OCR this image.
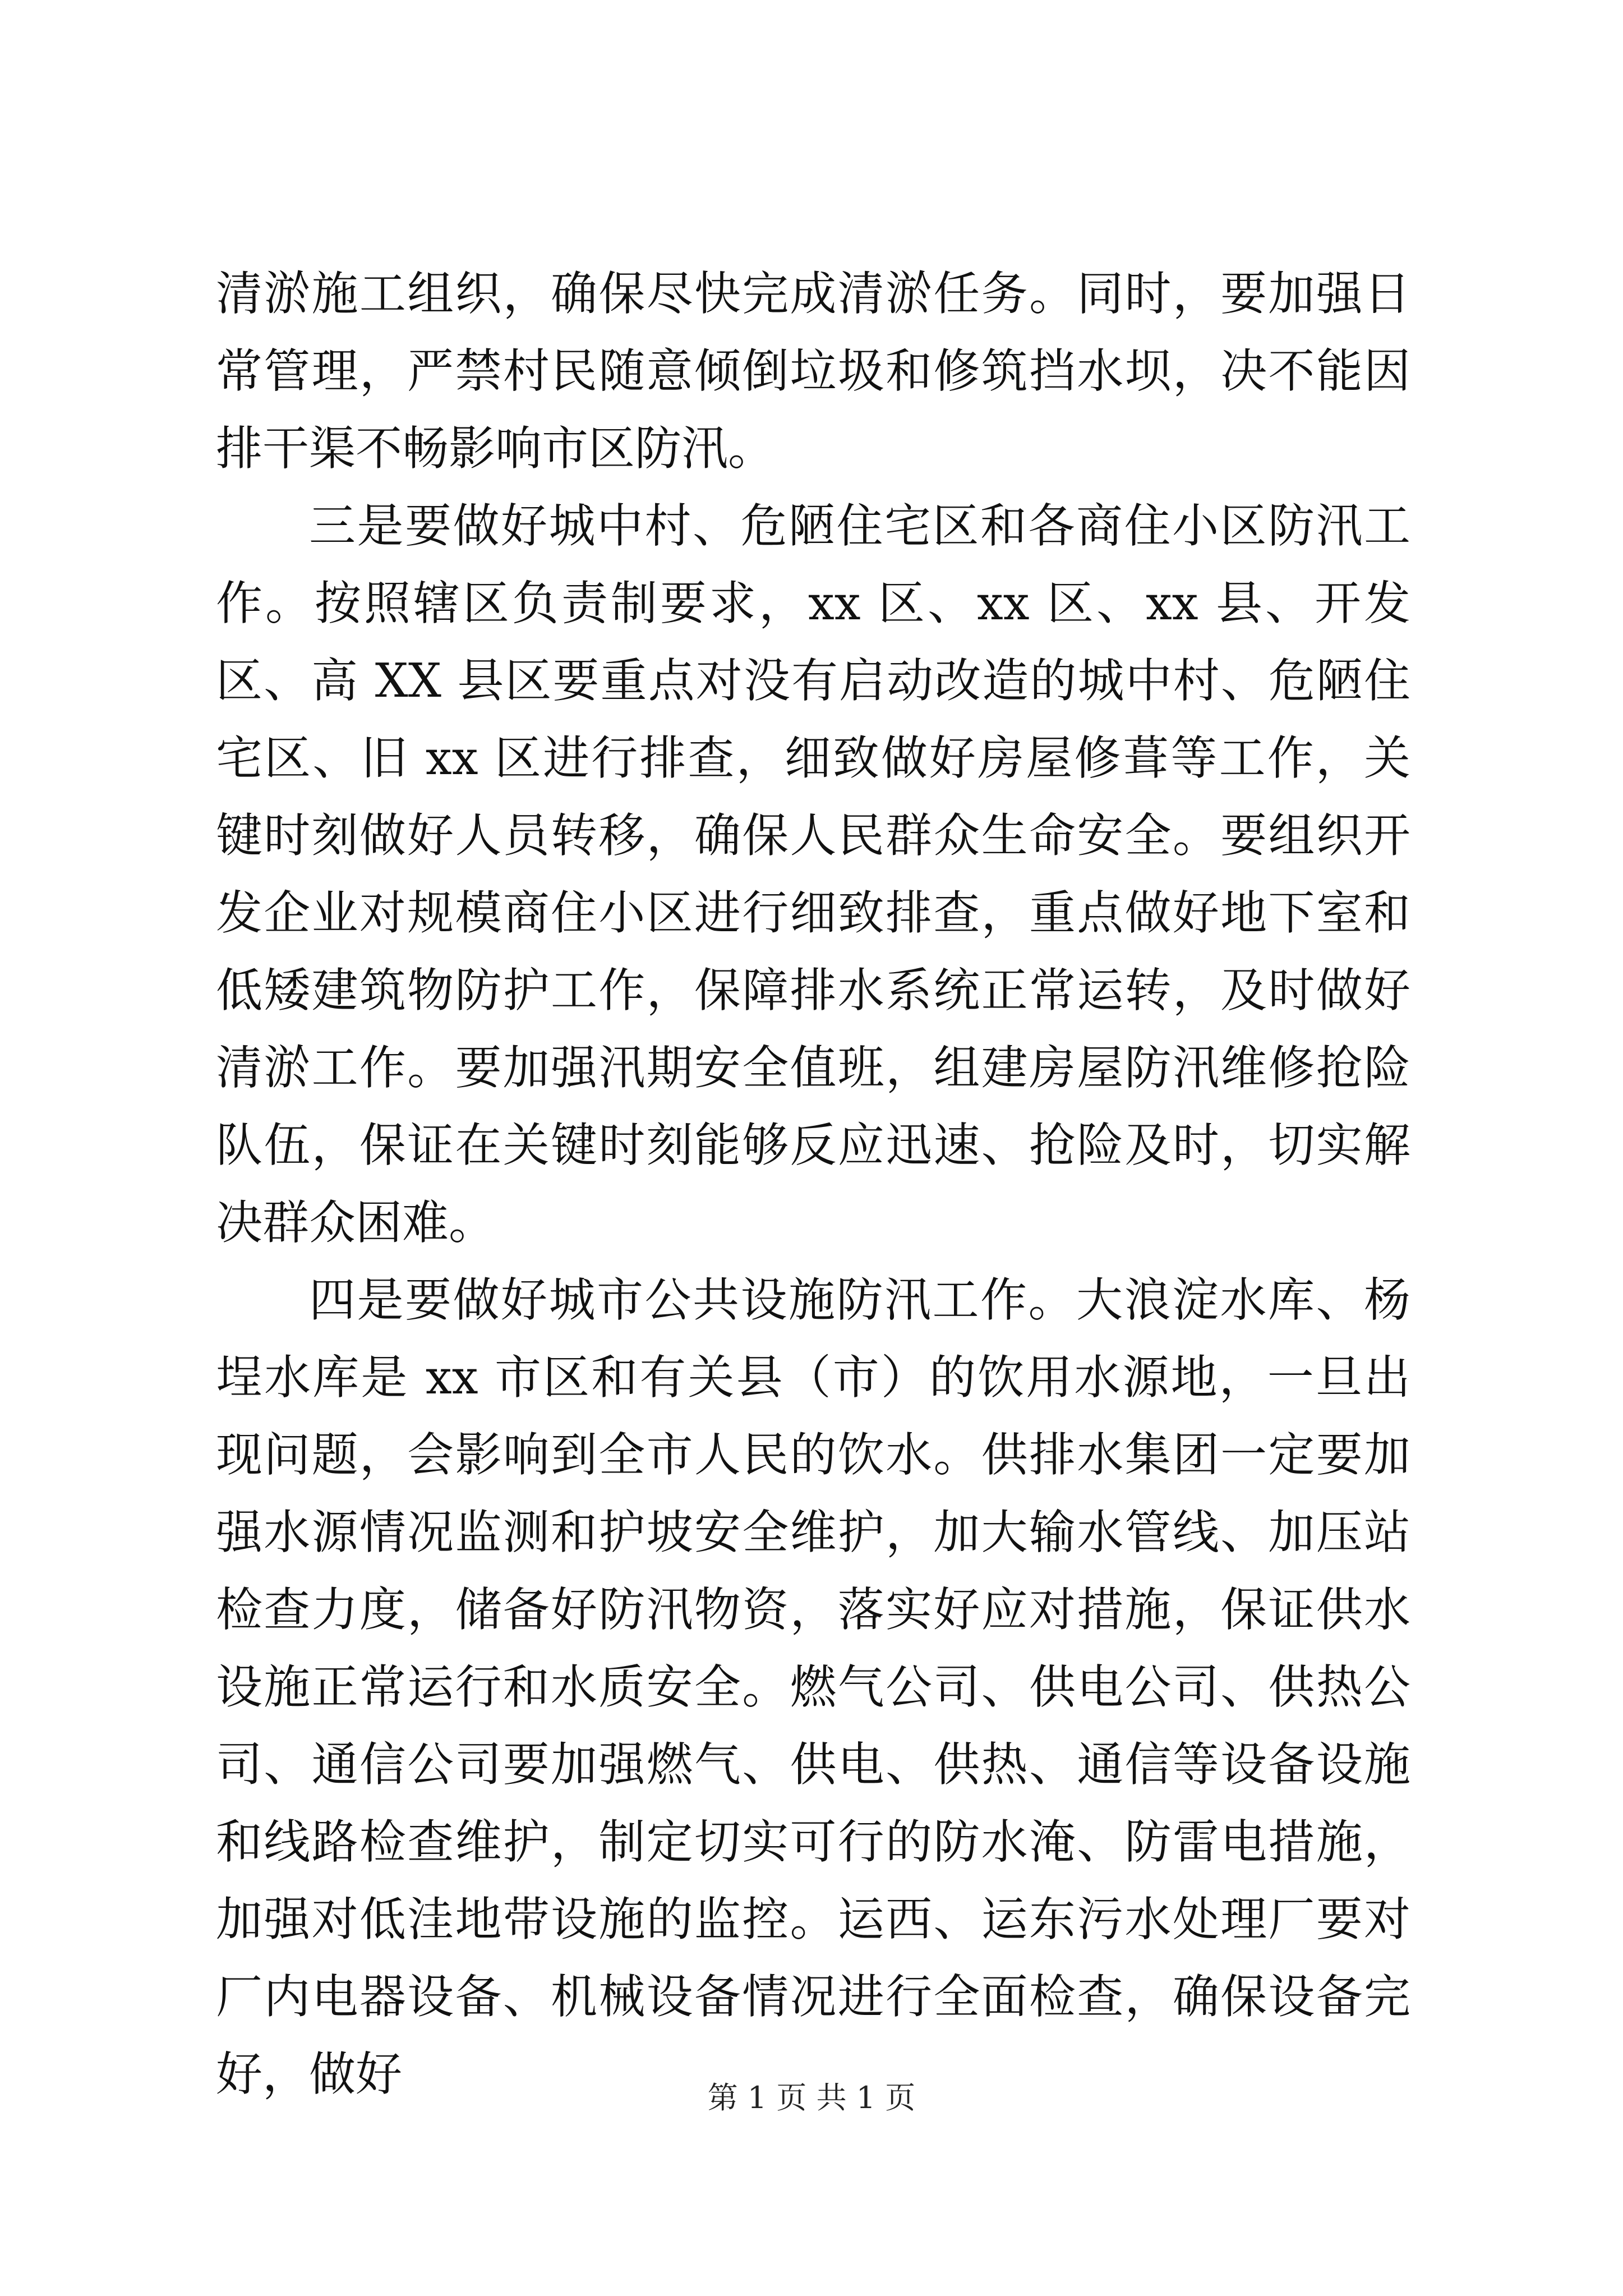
清淤施工组织，确保尽快完成清淤任务。同时，要加强日常管理，严禁村民随意倾倒垃圾和修筑挡水坝，决不能因排干渠不畅影响市区防汛。

三是要做好城中村、危陋住宅区和各商住小区防汛工作。按照辖区负责制要求，xx 区、xx 区、xx 县、开发区、高 XX 县区要重点对没有启动改造的城中村、危陋住宅区、旧 xx 区进行排查，细致做好房屋修葺等工作，关键时刻做好人员转移，确保人民群众生命安全。要组织开发企业对规模商住小区进行细致排查，重点做好地下室和低矮建筑物防护工作，保障排水系统正常运转，及时做好清淤工作。要加强汛期安全值班，组建房屋防汛维修抢险队伍，保证在关键时刻能够反应迅速、抢险及时，切实解决群众困难。

四是要做好城市公共设施防汛工作。大浪淀水库、杨埕水库是 xx 市区和有关县（市）的饮用水源地，一旦出现问题，会影响到全市人民的饮水。供排水集团一定要加强水源情况监测和护坡安全维护，加大输水管线、加压站检查力度，储备好防汛物资，落实好应对措施，保证供水设施正常运行和水质安全。燃气公司、供电公司、供热公司、通信公司要加强燃气、供电、供热、通信等设备设施和线路检查维护，制定切实可行的防水淹、防雷电措施，加强对低洼地带设施的监控。运西、运东污水处理厂要对厂内电器设备、机械设备情况进行全面检查，确保设备完好，做好	第 1 页 共 1 页
